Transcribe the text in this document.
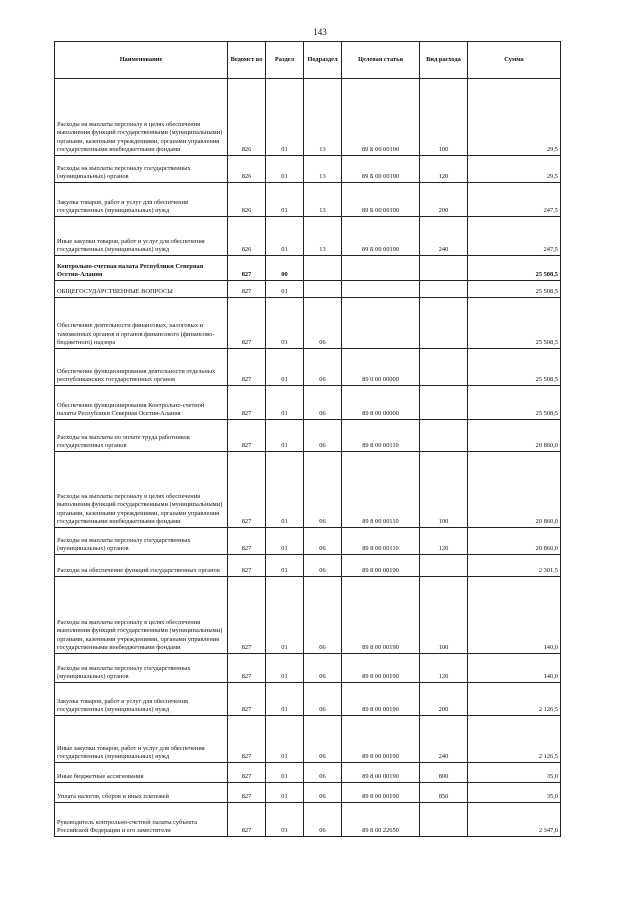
143
Наименование	Ведомст во	Раздел	Подраздел	Целевая статья	Вид расхода	Сумма
Расходы на выплаты персоналу в целях обеспечения выполнения функций государственными (муниципальными) органами, казенными учреждениями, органами управления государственными внебюджетными фондами	826	01	13	89 Б 00 00190	100	29,5
Расходы на выплаты персоналу государственных (муниципальных) органов	826	01	13	89 Б 00 00190	120	29,5
Закупка товаров, работ и услуг для обеспечения государственных (муниципальных) нужд	826	01	13	89 Б 00 00190	200	247,5
Иные закупки товаров, работ и услуг для обеспечения государственных (муниципальных) нужд	826	01	13	89 Б 00 00190	240	247,5
Контрольно-счетная палата Республики Северная Осетия-Алания	827	00				25 508,5
ОБЩЕГОСУДАРСТВЕННЫЕ ВОПРОСЫ	827	01				25 508,5
Обеспечение деятельности финансовых, налоговых и таможенных органов и органов финансового (финансово-бюджетного) надзора	827	01	06			25 508,5
Обеспечение функционирования деятельности отдельных республиканских государственных органов	827	01	06	89 0 00 00000		25 508,5
Обеспечение функционирования Контрольно-счетной палаты Республики Северная Осетия-Алания	827	01	06	89 8 00 00000		25 508,5
Расходы на выплаты по оплате труда работников государственных органов	827	01	06	89 8 00 00110		20 860,0
Расходы на выплаты персоналу в целях обеспечения выполнения функций государственными (муниципальными) органами, казенными учреждениями, органами управления государственными внебюджетными фондами	827	01	06	89 8 00 00110	100	20 860,0
Расходы на выплаты персоналу государственных (муниципальных) органов	827	01	06	89 8 00 00110	120	20 860,0
Расходы на обеспечение функций государственных органов	827	01	06	89 8 00 00190		2 301,5
Расходы на выплаты персоналу в целях обеспечения выполнения функций государственными (муниципальными) органами, казенными учреждениями, органами управления государственными внебюджетными фондами	827	01	06	89 8 00 00190	100	140,0
Расходы на выплаты персоналу государственных (муниципальных) органов	827	01	06	89 8 00 00190	120	140,0
Закупка товаров, работ и услуг для обеспечения государственных (муниципальных) нужд	827	01	06	89 8 00 00190	200	2 126,5
Иные закупки товаров, работ и услуг для обеспечения государственных (муниципальных) нужд	827	01	06	89 8 00 00190	240	2 126,5
Иные бюджетные ассигнования	827	01	06	89 8 00 00190	800	35,0
Уплата налогов, сборов и иных платежей	827	01	06	89 8 00 00190	850	35,0
Руководитель контрольно-счетной палаты субъекта Российской Федерации и его заместители	827	01	06	89 8 00 22650		2 347,0
